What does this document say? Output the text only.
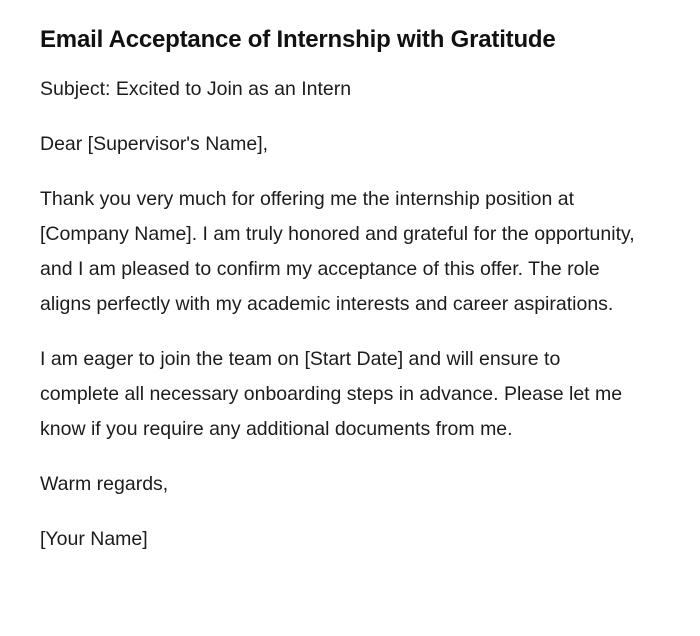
Email Acceptance of Internship with Gratitude

Subject: Excited to Join as an Intern

Dear [Supervisor's Name],

Thank you very much for offering me the internship position at [Company Name]. I am truly honored and grateful for the opportunity, and I am pleased to confirm my acceptance of this offer. The role aligns perfectly with my academic interests and career aspirations.

I am eager to join the team on [Start Date] and will ensure to complete all necessary onboarding steps in advance. Please let me know if you require any additional documents from me.

Warm regards,

[Your Name]
